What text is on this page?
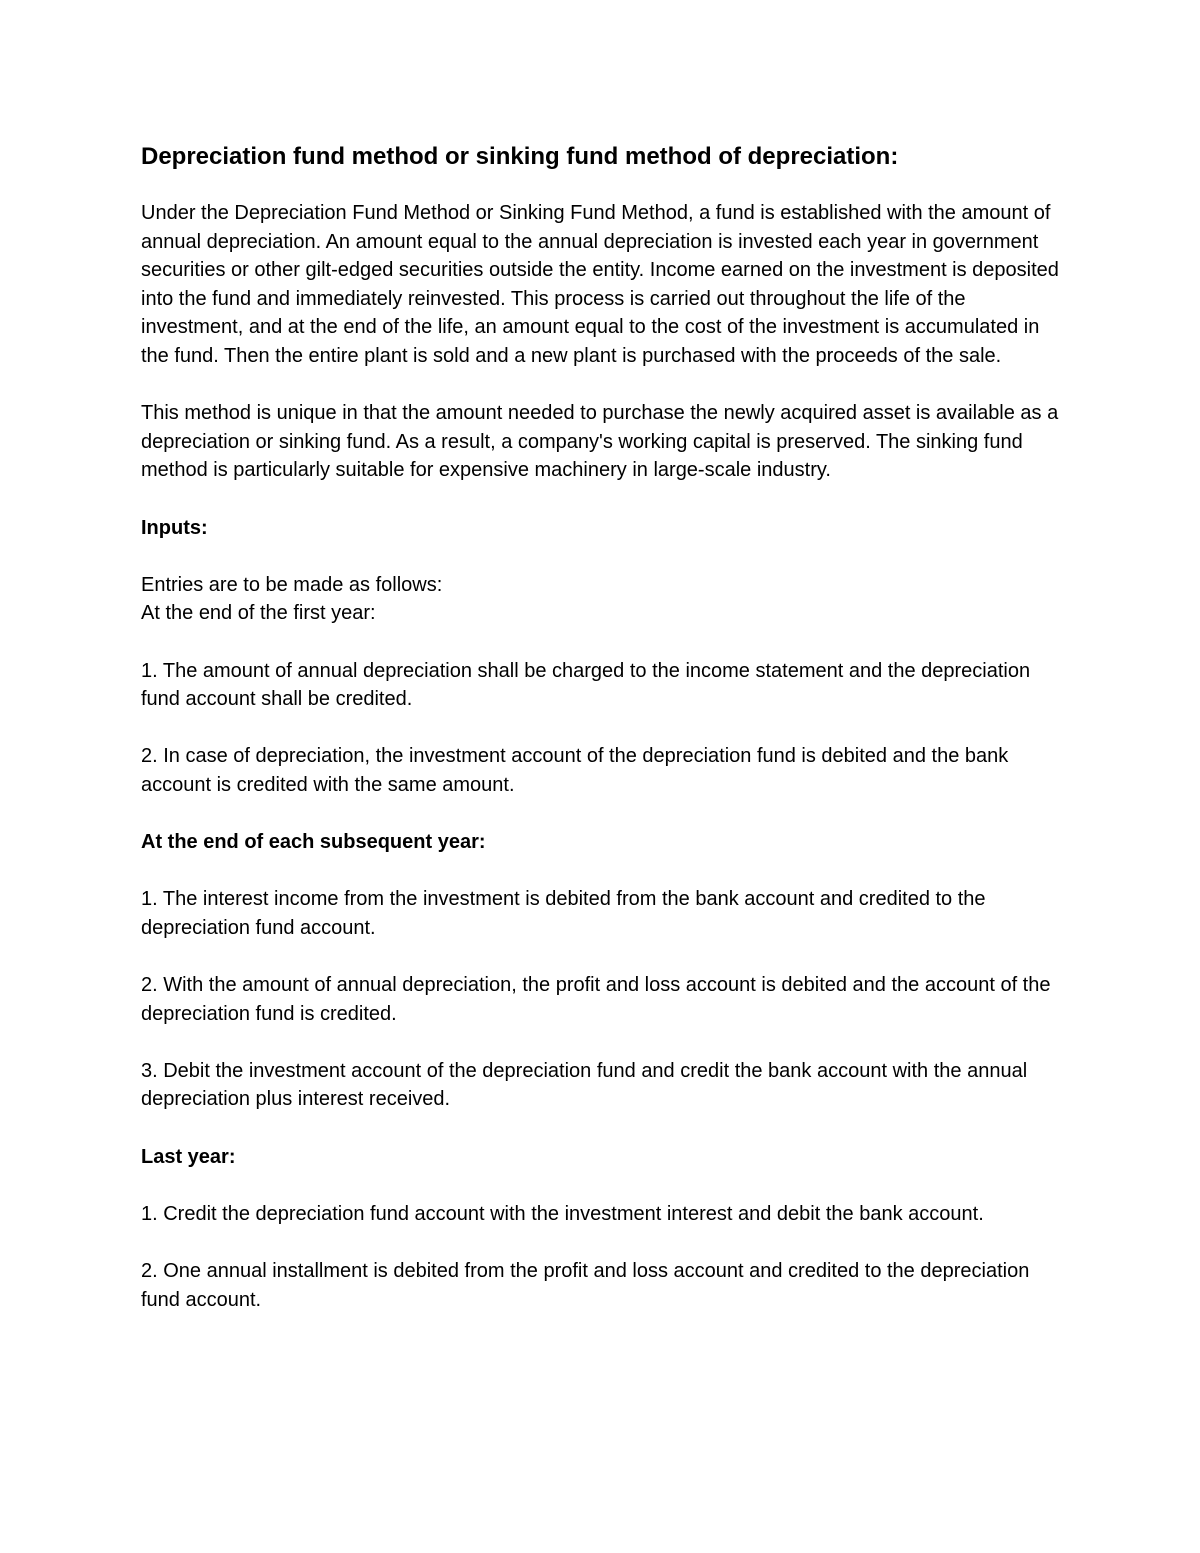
Depreciation fund method or sinking fund method of depreciation:

Under the Depreciation Fund Method or Sinking Fund Method, a fund is established with the amount of annual depreciation. An amount equal to the annual depreciation is invested each year in government securities or other gilt-edged securities outside the entity. Income earned on the investment is deposited into the fund and immediately reinvested. This process is carried out throughout the life of the investment, and at the end of the life, an amount equal to the cost of the investment is accumulated in the fund. Then the entire plant is sold and a new plant is purchased with the proceeds of the sale.

This method is unique in that the amount needed to purchase the newly acquired asset is available as a depreciation or sinking fund. As a result, a company's working capital is preserved. The sinking fund method is particularly suitable for expensive machinery in large-scale industry.

Inputs:

Entries are to be made as follows:

At the end of the first year:

1. The amount of annual depreciation shall be charged to the income statement and the depreciation fund account shall be credited.

2. In case of depreciation, the investment account of the depreciation fund is debited and the bank account is credited with the same amount.

At the end of each subsequent year:

1. The interest income from the investment is debited from the bank account and credited to the depreciation fund account.

2. With the amount of annual depreciation, the profit and loss account is debited and the account of the depreciation fund is credited.

3. Debit the investment account of the depreciation fund and credit the bank account with the annual depreciation plus interest received.

Last year:

1. Credit the depreciation fund account with the investment interest and debit the bank account.

2. One annual installment is debited from the profit and loss account and credited to the depreciation fund account.
